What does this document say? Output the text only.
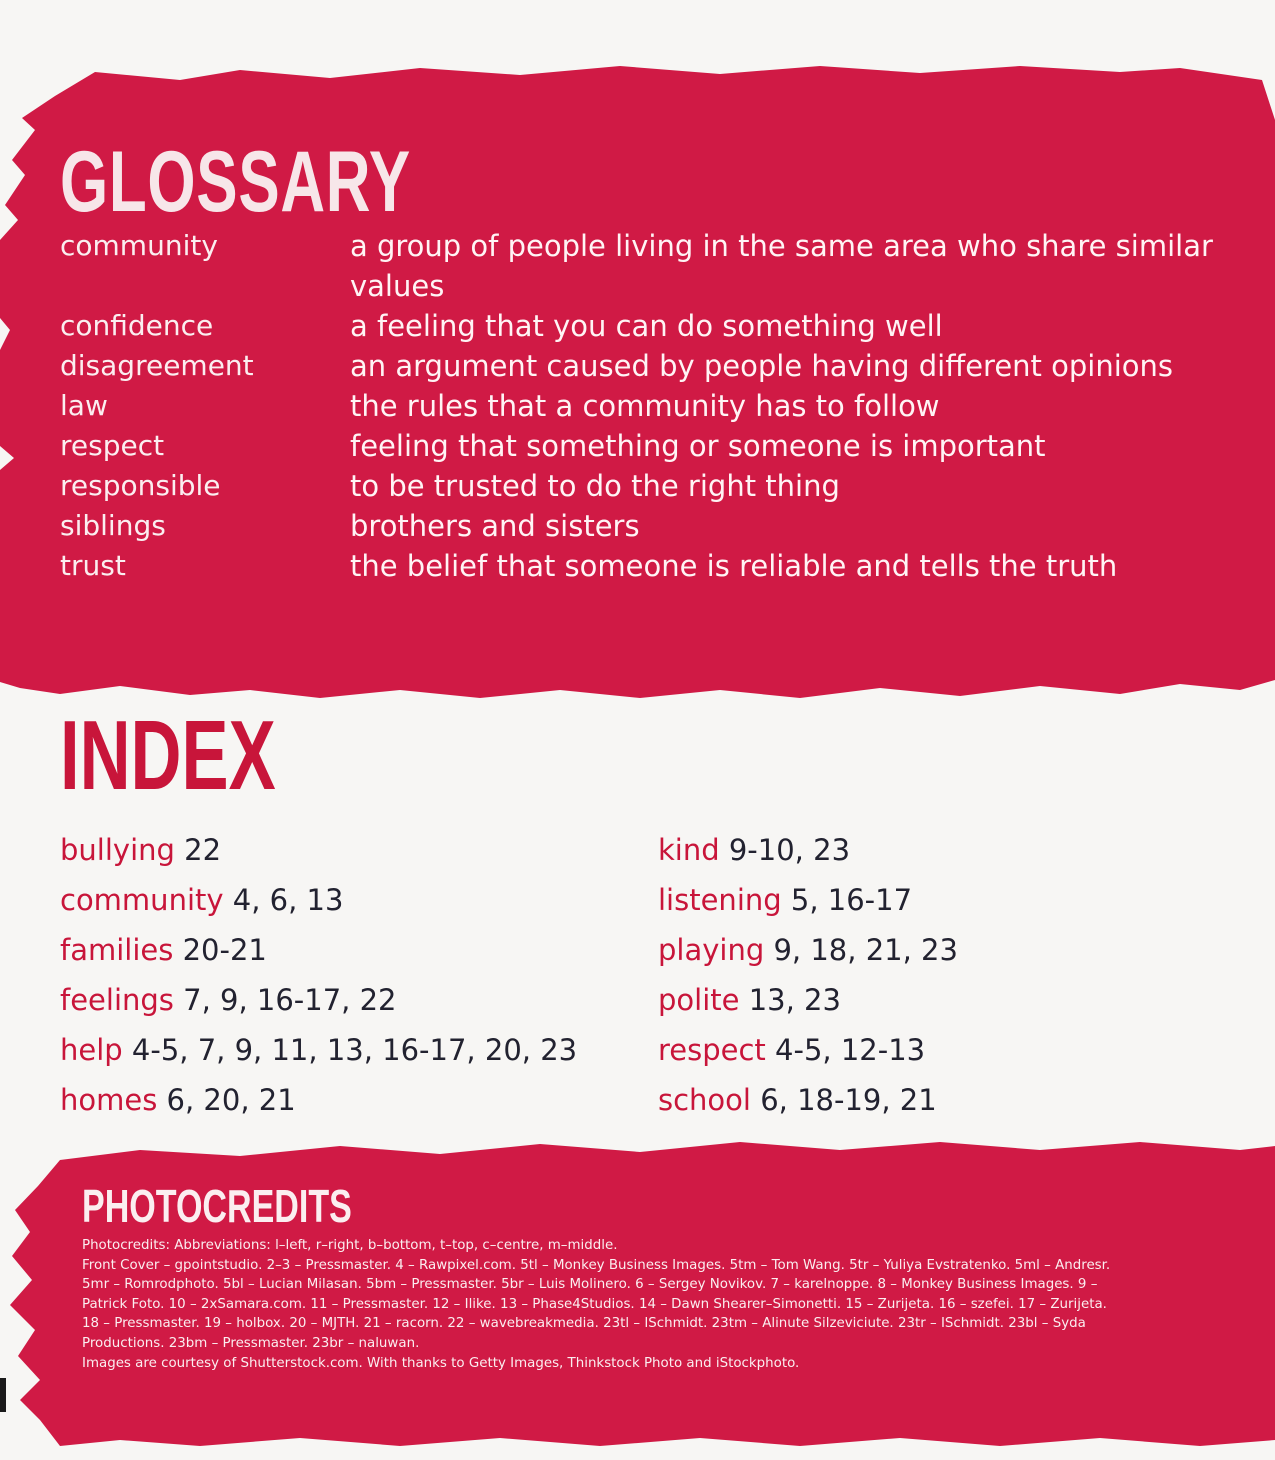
GLOSSARY
community	a group of people living in the same area who share similar values
confidence	a feeling that you can do something well
disagreement	an argument caused by people having different opinions
law	the rules that a community has to follow
respect	feeling that something or someone is important
responsible	to be trusted to do the right thing
siblings	brothers and sisters
trust	the belief that someone is reliable and tells the truth
INDEX
bullying 22
community 4, 6, 13
families 20-21
feelings 7, 9, 16-17, 22
help 4-5, 7, 9, 11, 13, 16-17, 20, 23
homes 6, 20, 21
kind 9-10, 23
listening 5, 16-17
playing 9, 18, 21, 23
polite 13, 23
respect 4-5, 12-13
school 6, 18-19, 21
PHOTOCREDITS
Photocredits: Abbreviations: l–left, r–right, b–bottom, t–top, c–centre, m–middle.
Front Cover – gpointstudio. 2–3 – Pressmaster. 4 – Rawpixel.com. 5tl – Monkey Business Images. 5tm – Tom Wang. 5tr – Yuliya Evstratenko. 5ml – Andresr.
5mr – Romrodphoto. 5bl – Lucian Milasan. 5bm – Pressmaster. 5br – Luis Molinero. 6 – Sergey Novikov. 7 – karelnoppe. 8 – Monkey Business Images. 9 –
Patrick Foto. 10 – 2xSamara.com. 11 – Pressmaster. 12 – Ilike. 13 – Phase4Studios. 14 – Dawn Shearer–Simonetti. 15 – Zurijeta. 16 – szefei. 17 – Zurijeta.
18 – Pressmaster. 19 – holbox. 20 – MJTH. 21 – racorn. 22 – wavebreakmedia. 23tl – ISchmidt. 23tm – Alinute Silzeviciute. 23tr – ISchmidt. 23bl – Syda
Productions. 23bm – Pressmaster. 23br – naluwan.
Images are courtesy of Shutterstock.com. With thanks to Getty Images, Thinkstock Photo and iStockphoto.
